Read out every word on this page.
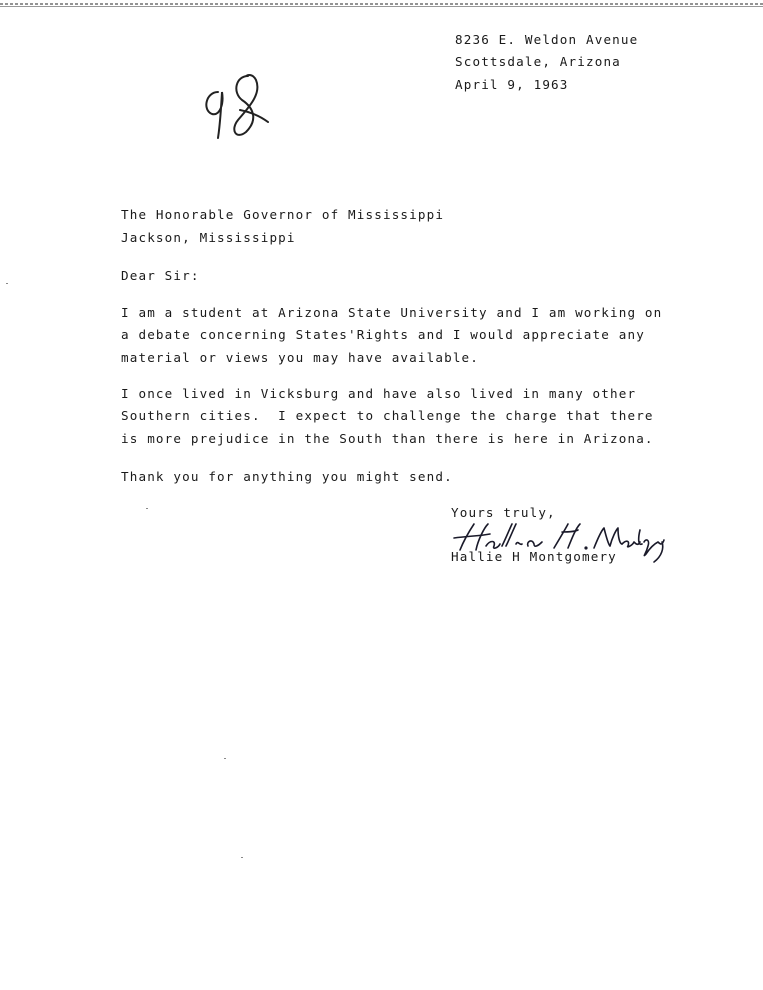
8236 E. Weldon Avenue
Scottsdale, Arizona
April 9, 1963
The Honorable Governor of Mississippi
Jackson, Mississippi
Dear Sir:
I am a student at Arizona State University and I am working on
a debate concerning States'Rights and I would appreciate any
material or views you may have available.
I once lived in Vicksburg and have also lived in many other
Southern cities.  I expect to challenge the charge that there
is more prejudice in the South than there is here in Arizona.
Thank you for anything you might send.
Yours truly,
Hallie H Montgomery
